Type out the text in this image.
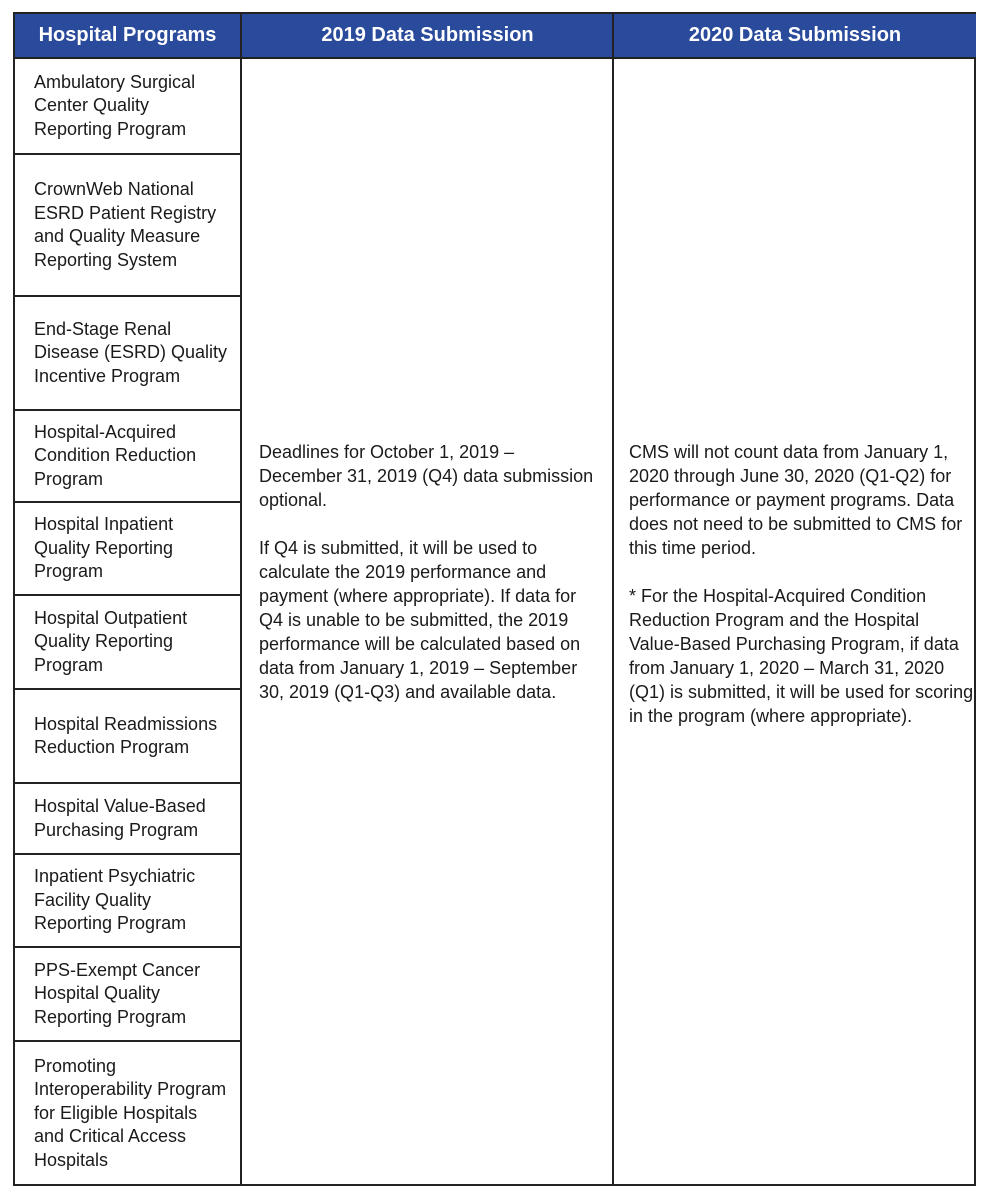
Hospital Programs	2019 Data Submission	2020 Data Submission
Ambulatory Surgical Center Quality Reporting Program
CrownWeb National ESRD Patient Registry and Quality Measure Reporting System
End-Stage Renal Disease (ESRD) Quality Incentive Program
Hospital-Acquired Condition Reduction Program
Hospital Inpatient Quality Reporting Program
Hospital Outpatient Quality Reporting Program
Hospital Readmissions Reduction Program
Hospital Value-Based Purchasing Program
Inpatient Psychiatric Facility Quality Reporting Program
PPS-Exempt Cancer Hospital Quality Reporting Program
Promoting Interoperability Program for Eligible Hospitals and Critical Access Hospitals

Deadlines for October 1, 2019 – December 31, 2019 (Q4) data submission optional.

If Q4 is submitted, it will be used to calculate the 2019 performance and payment (where appropriate). If data for Q4 is unable to be submitted, the 2019 performance will be calculated based on data from January 1, 2019 – September 30, 2019 (Q1-Q3) and available data.

CMS will not count data from January 1, 2020 through June 30, 2020 (Q1-Q2) for performance or payment programs. Data does not need to be submitted to CMS for this time period.

* For the Hospital-Acquired Condition Reduction Program and the Hospital Value-Based Purchasing Program, if data from January 1, 2020 – March 31, 2020 (Q1) is submitted, it will be used for scoring in the program (where appropriate).
